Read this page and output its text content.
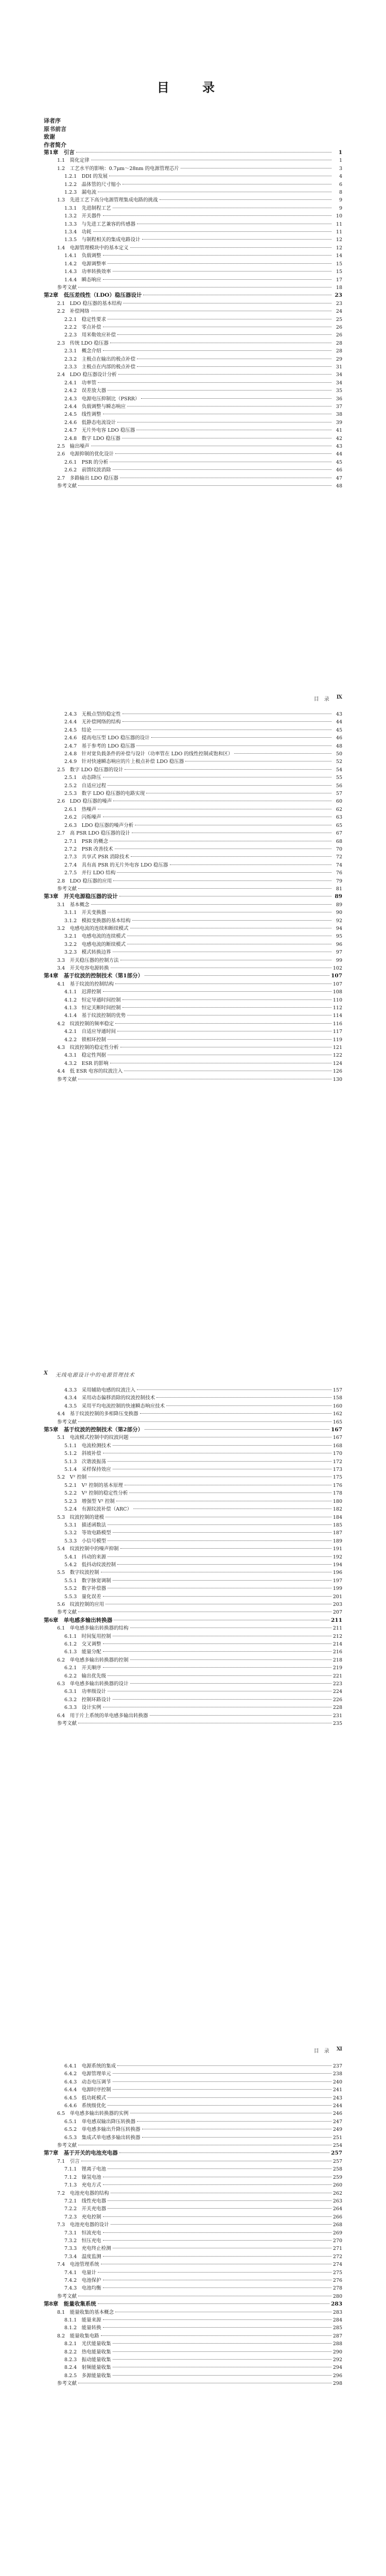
目 录
译者序
原书前言
致谢
作者简介
第1章　引言	1
1.1　简化定律	1
1.2　工艺水平的影响：0.7μm～28nm 的电源管理芯片	3
1.2.1　DDI 的发展	4
1.2.2　晶体管的尺寸缩小	6
1.2.3　漏电流	8
1.3　先进工艺下高分电源管理集成电路的挑战	9
1.3.1　先进制程工艺	9
1.3.2　开关器件	10
1.3.3　与先进工艺兼容的传感器	11
1.3.4　功耗	11
1.3.5　与制程相关的集成电路设计	12
1.4　电源管理模块中的基本定义	12
1.4.1　负载调整	14
1.4.2　电源调整率	15
1.4.3　功率转换效率	15
1.4.4　瞬态响应	17
参考文献	18
第2章　低压差线性（LDO）稳压器设计	23
2.1　LDO 稳压器的基本结构	23
2.2　补偿网络	24
2.2.1　稳定性要求	25
2.2.2　零点补偿	26
2.2.3　用米勒效应补偿	26
2.3　传统 LDO 稳压器	28
2.3.1　概念介绍	28
2.3.2　主极点在输出的极点补偿	29
2.3.3　主极点在内部的极点补偿	31
2.4　LDO 稳压器设计分析	34
2.4.1　功率管	34
2.4.2　误差放大器	35
2.4.3　电源电压抑制比（PSRR）	36
2.4.4　负载调整与瞬态响应	37
2.4.5　线性调整	38
2.4.6　低静态电流设计	39
2.4.7　无片外电容 LDO 稳压器	41
2.4.8　数字 LDO 稳压器	42
2.5　输出噪声	43
2.6　电源抑制的优化设计	44
2.6.1　PSR 的分析	45
2.6.2　前馈纹波消除	46
2.7　多路输出 LDO 稳压器	47
参考文献	48
目　录 Ⅸ
2.4.3　无极点型的稳定性	43
2.4.4　无补偿网络的结构	44
2.4.5　结论	45
2.4.6　提高电压型 LDO 稳压器的设计	46
2.4.7　基于参考的 LDO 稳压器	48
2.4.8　针对宽负载条件的补偿与设计（功率管在 LDO 的线性控制或饱和区）	50
2.4.9　针对快速瞬态响应的片上极点补偿 LDO 稳压器	52
2.5　数字 LDO 稳压器的设计	54
2.5.1　动态降压	55
2.5.2　自适应过程	56
2.5.3　数字 LDO 稳压器的电路实现	57
2.6　LDO 稳压器的噪声	60
2.6.1　热噪声	62
2.6.2　闪烁噪声	63
2.6.3　LDO 稳压器的噪声分析	65
2.7　高 PSR LDO 稳压器的设计	67
2.7.1　PSR 的概念	68
2.7.2　PSR 改善技术	70
2.7.3　共享式 PSR 消除技术	72
2.7.4　具有高 PSR 的无片外电容 LDO 稳压器	74
2.7.5　并行 LDO 结构	76
2.8　LDO 稳压器的应用	79
参考文献	81
第3章　开关电源稳压器的设计	89
3.1　基本概念	89
3.1.1　开关变换器	90
3.1.2　模拟变换器的基本结构	92
3.2　电感电流的连续和断续模式	94
3.2.1　电感电流的连续模式	95
3.2.2　电感电流的断续模式	96
3.2.3　模式转换边界	97
3.3　开关稳压器的控制方法	99
3.4　开关电容电源转换	102
第4章　基于纹波的控制技术（第1部分）	107
4.1　基于纹波的控制结构	107
4.1.1　迟滞控制	108
4.1.2　恒定导通时间控制	110
4.1.3　恒定关断时间控制	112
4.1.4　基于纹波控制的优势	114
4.2　纹波控制的频率稳定	116
4.2.1　自适应导通时间	117
4.2.2　锁相环控制	119
4.3　纹波控制的稳定性分析	121
4.3.1　稳定性判据	122
4.3.2　ESR 的影响	124
4.4　低 ESR 电容的纹波注入	126
参考文献	130
Ⅹ 无线电源设计中的电源管理技术
4.3.3　采用辅助电感的纹波注入	157
4.3.4　采用动态偏移消除的纹波控制技术	158
4.3.5　采用平均电流控制的快速瞬态响应技术	160
4.4　基于纹波控制的多相降压变换器	162
参考文献	165
第5章　基于纹波的控制技术（第2部分）	167
5.1　电流模式控制中的纹波问题	167
5.1.1　电流检测技术	168
5.1.2　斜坡补偿	170
5.1.3　次谐波振荡	172
5.1.4　采样保持效应	173
5.2　V² 控制	175
5.2.1　V² 控制的基本原理	176
5.2.2　V² 控制的稳定性分析	178
5.2.3　增强型 V² 控制	180
5.2.4　有源纹波补偿（ARC）	182
5.3　纹波控制的建模	184
5.3.1　描述函数法	185
5.3.2　等效电路模型	187
5.3.3　小信号模型	189
5.4　纹波控制中的噪声抑制	191
5.4.1　抖动的来源	192
5.4.2　低抖动纹波控制	194
5.5　数字纹波控制	196
5.5.1　数字脉宽调制	197
5.5.2　数字补偿器	199
5.5.3　量化误差	201
5.6　纹波控制的应用	203
参考文献	207
第6章　单电感多输出转换器	211
6.1　单电感多输出转换器的结构	211
6.1.1　时间复用控制	212
6.1.2　交叉调整	214
6.1.3　能量分配	216
6.2　单电感多输出转换器的控制	218
6.2.1　开关顺序	219
6.2.2　输出优先级	221
6.3　单电感多输出转换器的设计	223
6.3.1　功率级设计	224
6.3.2　控制环路设计	226
6.3.3　设计实例	228
6.4　用于片上系统的单电感多输出转换器	231
参考文献	235
目　录 Ⅺ
6.4.1　电源系统的集成	237
6.4.2　电源管理单元	238
6.4.3　动态电压调节	240
6.4.4　电源时序控制	241
6.4.5　低功耗模式	243
6.4.6　系统级优化	244
6.5　单电感多输出转换器的实例	246
6.5.1　单电感双输出降压转换器	247
6.5.2　单电感多输出升降压转换器	249
6.5.3　集成式单电感多输出转换器	251
参考文献	254
第7章　基于开关的电池充电器	257
7.1　引言	257
7.1.1　锂离子电池	258
7.1.2　镍氢电池	259
7.1.3　充电方式	260
7.2　电池充电器的结构	262
7.2.1　线性充电器	263
7.2.2　开关充电器	264
7.2.3　充电控制	266
7.3　电池充电器的设计	268
7.3.1　恒流充电	269
7.3.2　恒压充电	270
7.3.3　充电终止检测	271
7.3.4　温度监测	272
7.4　电池管理系统	274
7.4.1　电量计	275
7.4.2　电池保护	276
7.4.3　电池均衡	278
参考文献	280
第8章　能量收集系统	283
8.1　能量收集的基本概念	283
8.1.1　能量来源	284
8.1.2　能量转换	285
8.2　能量收集电路	287
8.2.1　光伏能量收集	288
8.2.2　热电能量收集	290
8.2.3　振动能量收集	292
8.2.4　射频能量收集	294
8.2.5　多源能量收集	296
参考文献	298
